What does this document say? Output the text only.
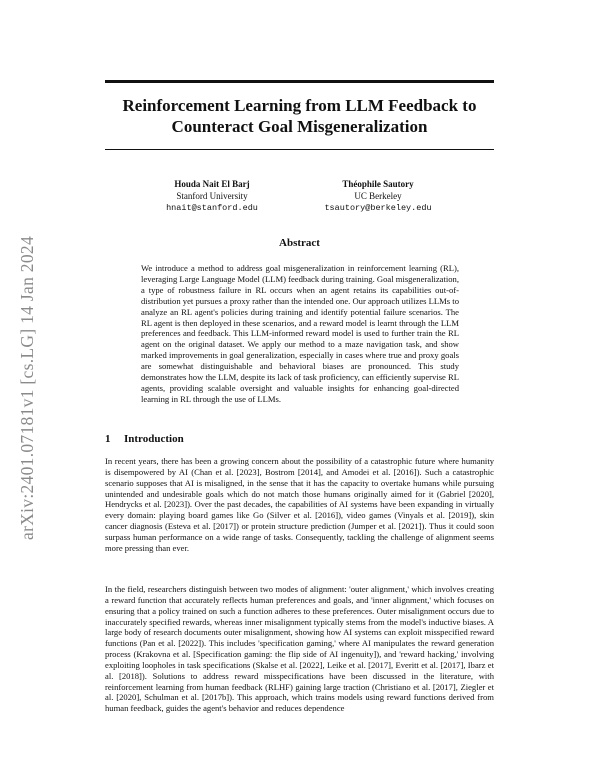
arXiv:2401.07181v1 [cs.LG] 14 Jan 2024
Reinforcement Learning from LLM Feedback to Counteract Goal Misgeneralization
Houda Nait El Barj
Stanford University
hnait@stanford.edu
Théophile Sautory
UC Berkeley
tsautory@berkeley.edu
Abstract
We introduce a method to address goal misgeneralization in reinforcement learning (RL), leveraging Large Language Model (LLM) feedback during training. Goal misgeneralization, a type of robustness failure in RL occurs when an agent retains its capabilities out-of-distribution yet pursues a proxy rather than the intended one. Our approach utilizes LLMs to analyze an RL agent's policies during training and identify potential failure scenarios. The RL agent is then deployed in these scenarios, and a reward model is learnt through the LLM preferences and feedback. This LLM-informed reward model is used to further train the RL agent on the original dataset. We apply our method to a maze navigation task, and show marked improvements in goal generalization, especially in cases where true and proxy goals are somewhat distinguishable and behavioral biases are pronounced. This study demonstrates how the LLM, despite its lack of task proficiency, can efficiently supervise RL agents, providing scalable oversight and valuable insights for enhancing goal-directed learning in RL through the use of LLMs.
1 Introduction
In recent years, there has been a growing concern about the possibility of a catastrophic future where humanity is disempowered by AI (Chan et al. [2023], Bostrom [2014], and Amodei et al. [2016]). Such a catastrophic scenario supposes that AI is misaligned, in the sense that it has the capacity to overtake humans while pursuing unintended and undesirable goals which do not match those humans originally aimed for it (Gabriel [2020], Hendrycks et al. [2023]). Over the past decades, the capabilities of AI systems have been expanding in virtually every domain: playing board games like Go (Silver et al. [2016]), video games (Vinyals et al. [2019]), skin cancer diagnosis (Esteva et al. [2017]) or protein structure prediction (Jumper et al. [2021]). Thus it could soon surpass human performance on a wide range of tasks. Consequently, tackling the challenge of alignment seems more pressing than ever.
In the field, researchers distinguish between two modes of alignment: 'outer alignment,' which involves creating a reward function that accurately reflects human preferences and goals, and 'inner alignment,' which focuses on ensuring that a policy trained on such a function adheres to these preferences. Outer misalignment occurs due to inaccurately specified rewards, whereas inner misalignment typically stems from the model's inductive biases. A large body of research documents outer misalignment, showing how AI systems can exploit misspecified reward functions (Pan et al. [2022]). This includes 'specification gaming,' where AI manipulates the reward generation process (Krakovna et al. [Specification gaming: the flip side of AI ingenuity]), and 'reward hacking,' involving exploiting loopholes in task specifications (Skalse et al. [2022], Leike et al. [2017], Everitt et al. [2017], Ibarz et al. [2018]). Solutions to address reward misspecifications have been discussed in the literature, with reinforcement learning from human feedback (RLHF) gaining large traction (Christiano et al. [2017], Ziegler et al. [2020], Schulman et al. [2017b]). This approach, which trains models using reward functions derived from human feedback, guides the agent's behavior and reduces dependence
